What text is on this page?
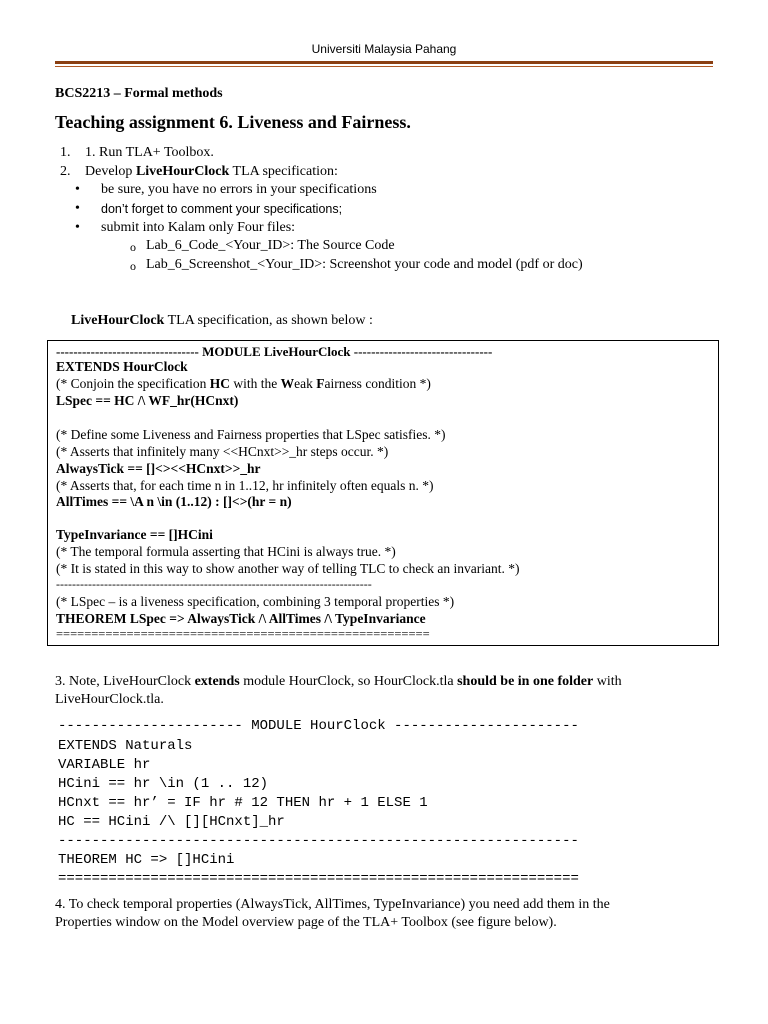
Universiti Malaysia Pahang
BCS2213 – Formal methods
Teaching assignment 6. Liveness and Fairness.
1. 1. Run TLA+ Toolbox.
2. Develop LiveHourClock TLA specification:
• be sure, you have no errors in your specifications
• don’t forget to comment your specifications;
• submit into Kalam only Four files:
o Lab_6_Code_<Your_ID>: The Source Code
o Lab_6_Screenshot_<Your_ID>: Screenshot your code and model (pdf or doc)
LiveHourClock TLA specification, as shown below :
--------------------------------- MODULE LiveHourClock --------------------------------
EXTENDS HourClock
(* Conjoin the specification HC with the Weak Fairness condition *)
LSpec == HC /\ WF_hr(HCnxt)
(* Define some Liveness and Fairness properties that LSpec satisfies. *)
(* Asserts that infinitely many <<HCnxt>>_hr steps occur. *)
AlwaysTick == []<><<HCnxt>>_hr
(* Asserts that, for each time n in 1..12, hr infinitely often equals n. *)
AllTimes == \A n \in (1..12) : []<>(hr = n)
TypeInvariance == []HCini
(* The temporal formula asserting that HCini is always true. *)
(* It is stated in this way to show another way of telling TLC to check an invariant. *)
-------------------------------------------------------------------------------
(* LSpec – is a liveness specification, combining 3 temporal properties *)
THEOREM LSpec => AlwaysTick /\ AllTimes /\ TypeInvariance
=====================================================
3. Note, LiveHourClock extends module HourClock, so HourClock.tla should be in one folder with
LiveHourClock.tla.
---------------------- MODULE HourClock ----------------------
EXTENDS Naturals
VARIABLE hr
HCini == hr \in (1 .. 12)
HCnxt == hr’ = IF hr # 12 THEN hr + 1 ELSE 1
HC == HCini /\ [][HCnxt]_hr
--------------------------------------------------------------
THEOREM HC => []HCini
==============================================================
4. To check temporal properties (AlwaysTick, AllTimes, TypeInvariance) you need add them in the
Properties window on the Model overview page of the TLA+ Toolbox (see figure below).
